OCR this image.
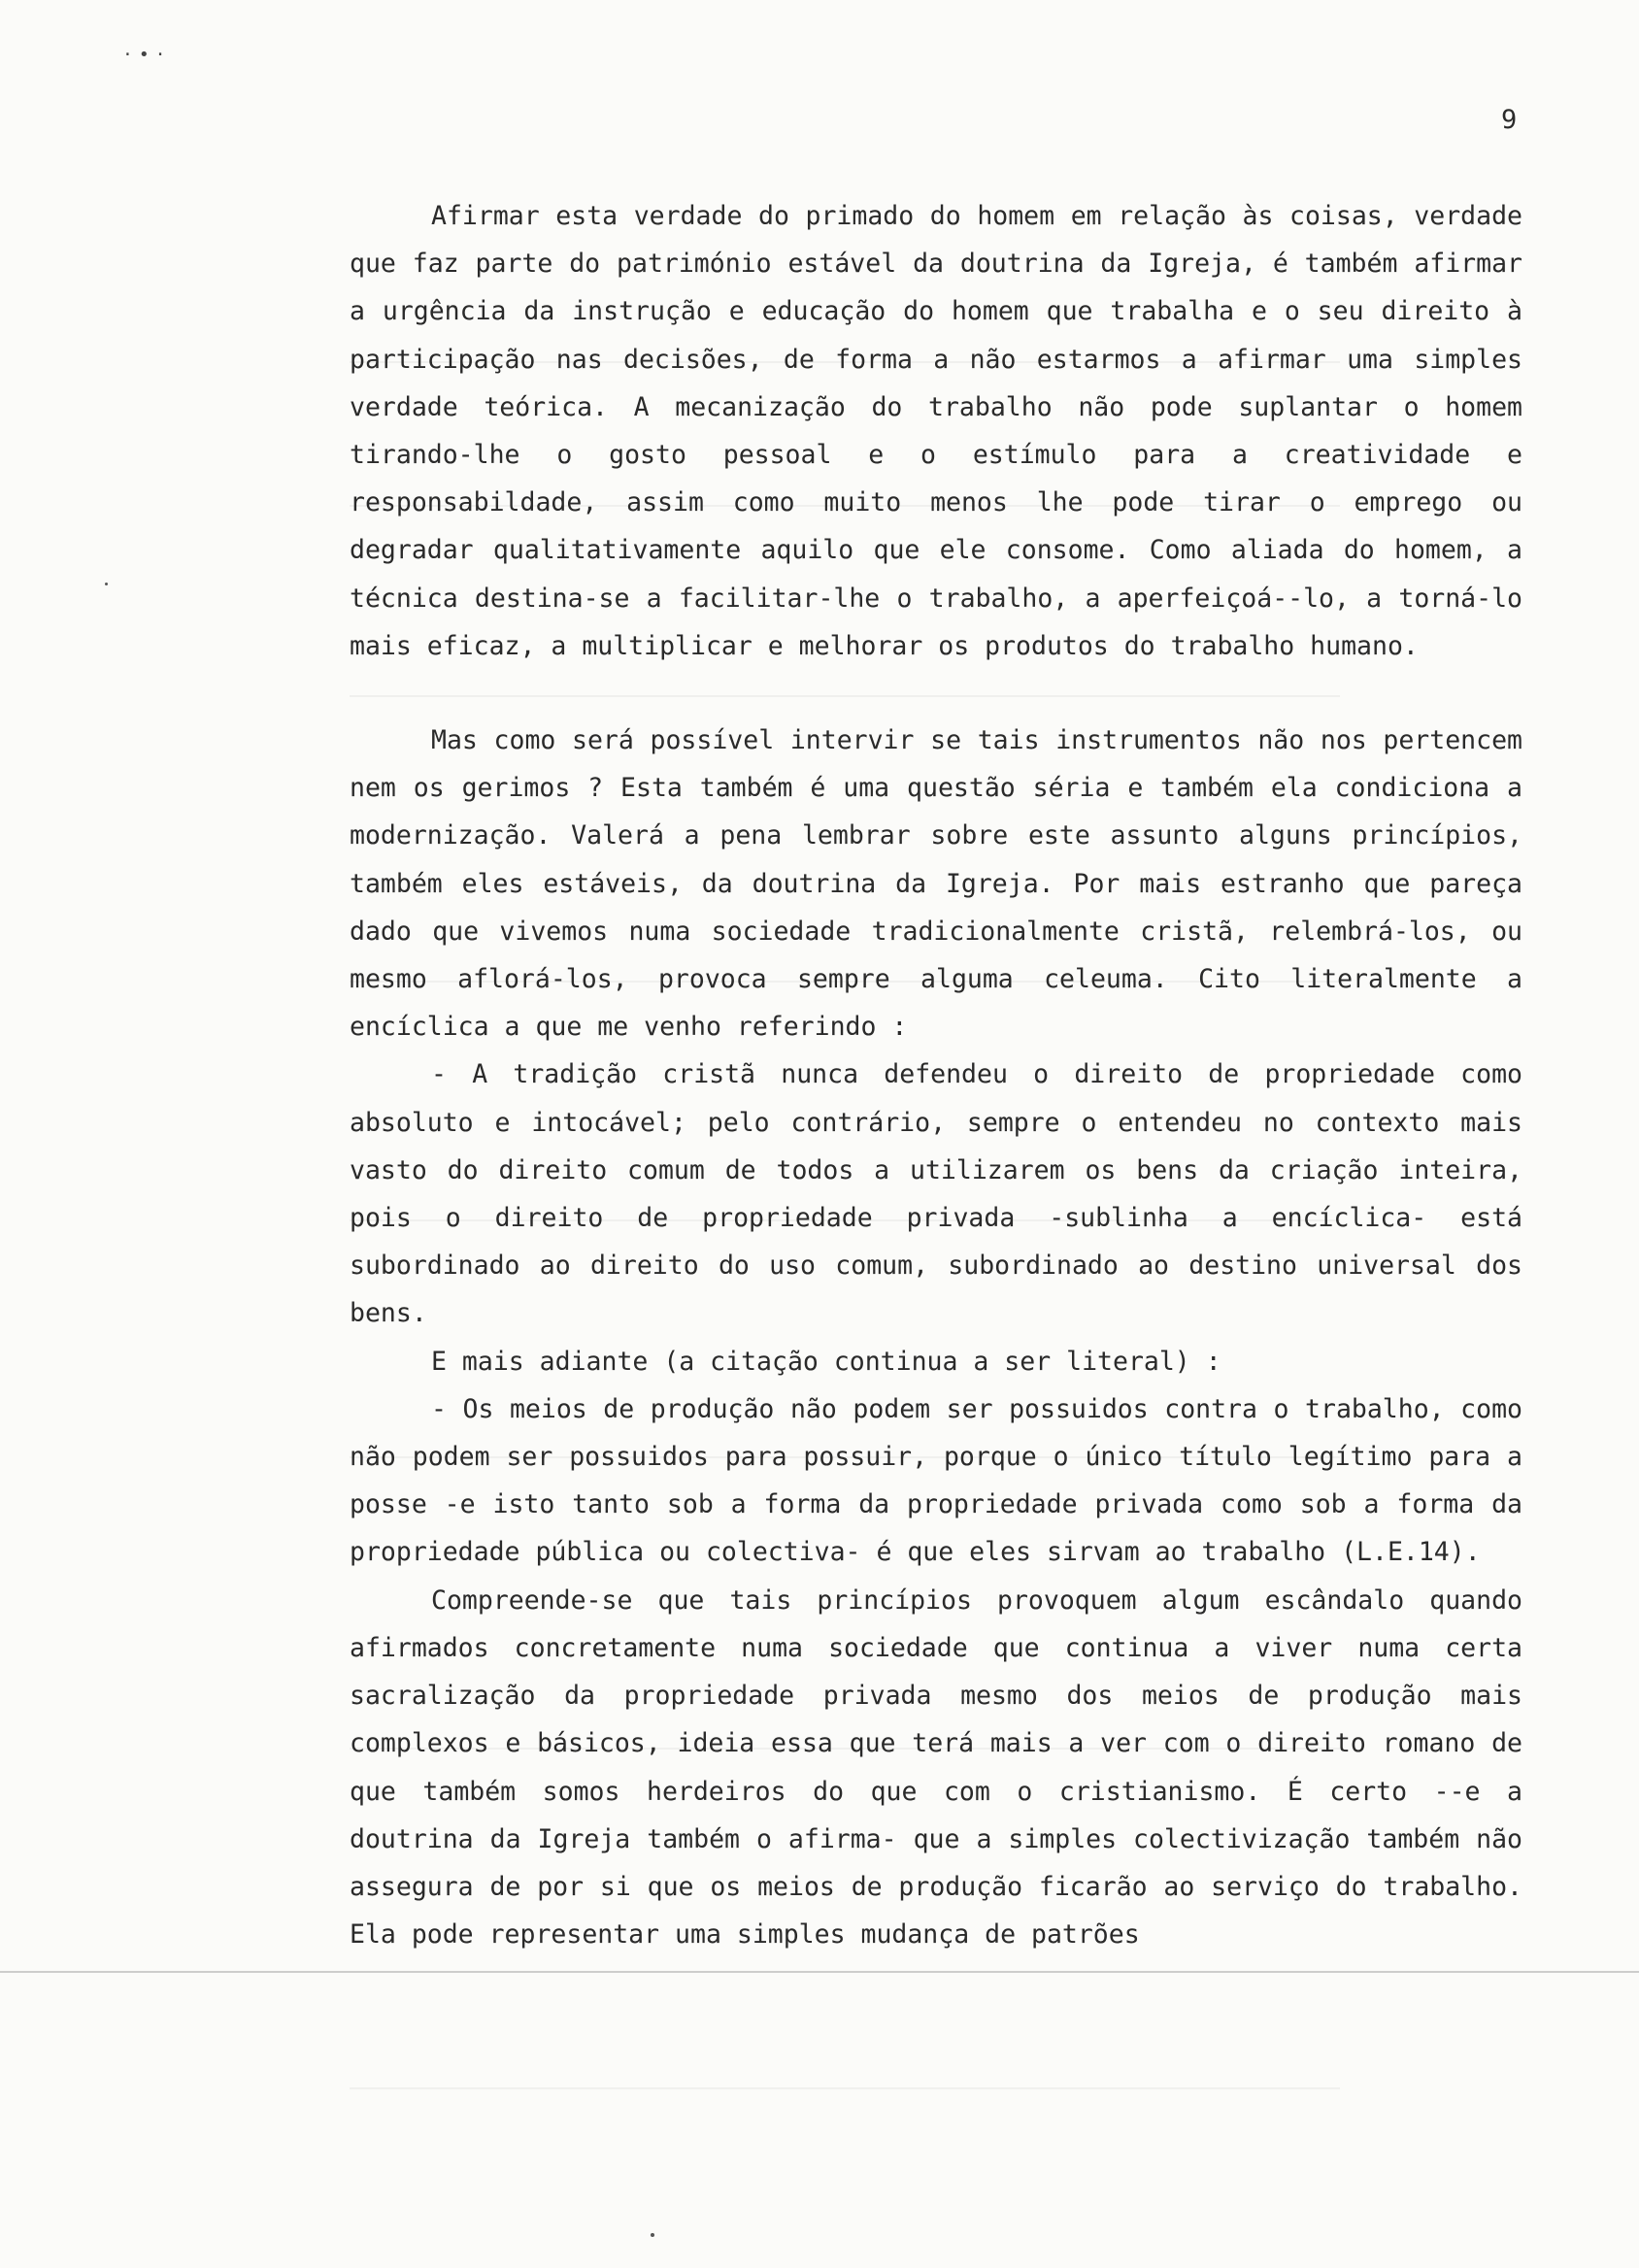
·•·
9

Afirmar esta verdade do primado do homem em relação às coisas, verdade que faz parte do património estável da doutrina da Igreja, é também afirmar a urgência da instrução e educação do homem que trabalha e o seu direito à participação nas decisões, de forma a não estarmos a afirmar uma simples verdade teórica. A mecanização do trabalho não pode suplantar o homem tirando-lhe o gosto pessoal e o estímulo para a creatividade e responsabildade, assim como muito menos lhe pode tirar o emprego ou degradar qualitativamente aquilo que ele consome. Como aliada do homem, a técnica destina-se a facilitar-lhe o trabalho, a aperfeiçoá--lo, a torná-lo mais eficaz, a multiplicar e melhorar os produtos do trabalho humano.

Mas como será possível intervir se tais instrumentos não nos pertencem nem os gerimos ? Esta também é uma questão séria e também ela condiciona a modernização. Valerá a pena lembrar sobre este assunto alguns princípios, também eles estáveis, da doutrina da Igreja. Por mais estranho que pareça dado que vivemos numa sociedade tradicionalmente cristã, relembrá-los, ou mesmo aflorá-los, provoca sempre alguma celeuma. Cito literalmente a encíclica a que me venho referindo :

- A tradição cristã nunca defendeu o direito de propriedade como absoluto e intocável; pelo contrário, sempre o entendeu no contexto mais vasto do direito comum de todos a utilizarem os bens da criação inteira, pois o direito de propriedade privada -sublinha a encíclica- está subordinado ao direito do uso comum, subordinado ao destino universal dos bens.

E mais adiante (a citação continua a ser literal) :

- Os meios de produção não podem ser possuidos contra o trabalho, como não podem ser possuidos para possuir, porque o único título legítimo para a posse -e isto tanto sob a forma da propriedade privada como sob a forma da propriedade pública ou colectiva- é que eles sirvam ao trabalho (L.E.14).

Compreende-se que tais princípios provoquem algum escândalo quando afirmados concretamente numa sociedade que continua a viver numa certa sacralização da propriedade privada mesmo dos meios de produção mais complexos e básicos, ideia essa que terá mais a ver com o direito romano de que também somos herdeiros do que com o cristianismo. É certo --e a doutrina da Igreja também o afirma- que a simples colectivização também não assegura de por si que os meios de produção ficarão ao serviço do trabalho. Ela pode representar uma simples mudança de patrões
